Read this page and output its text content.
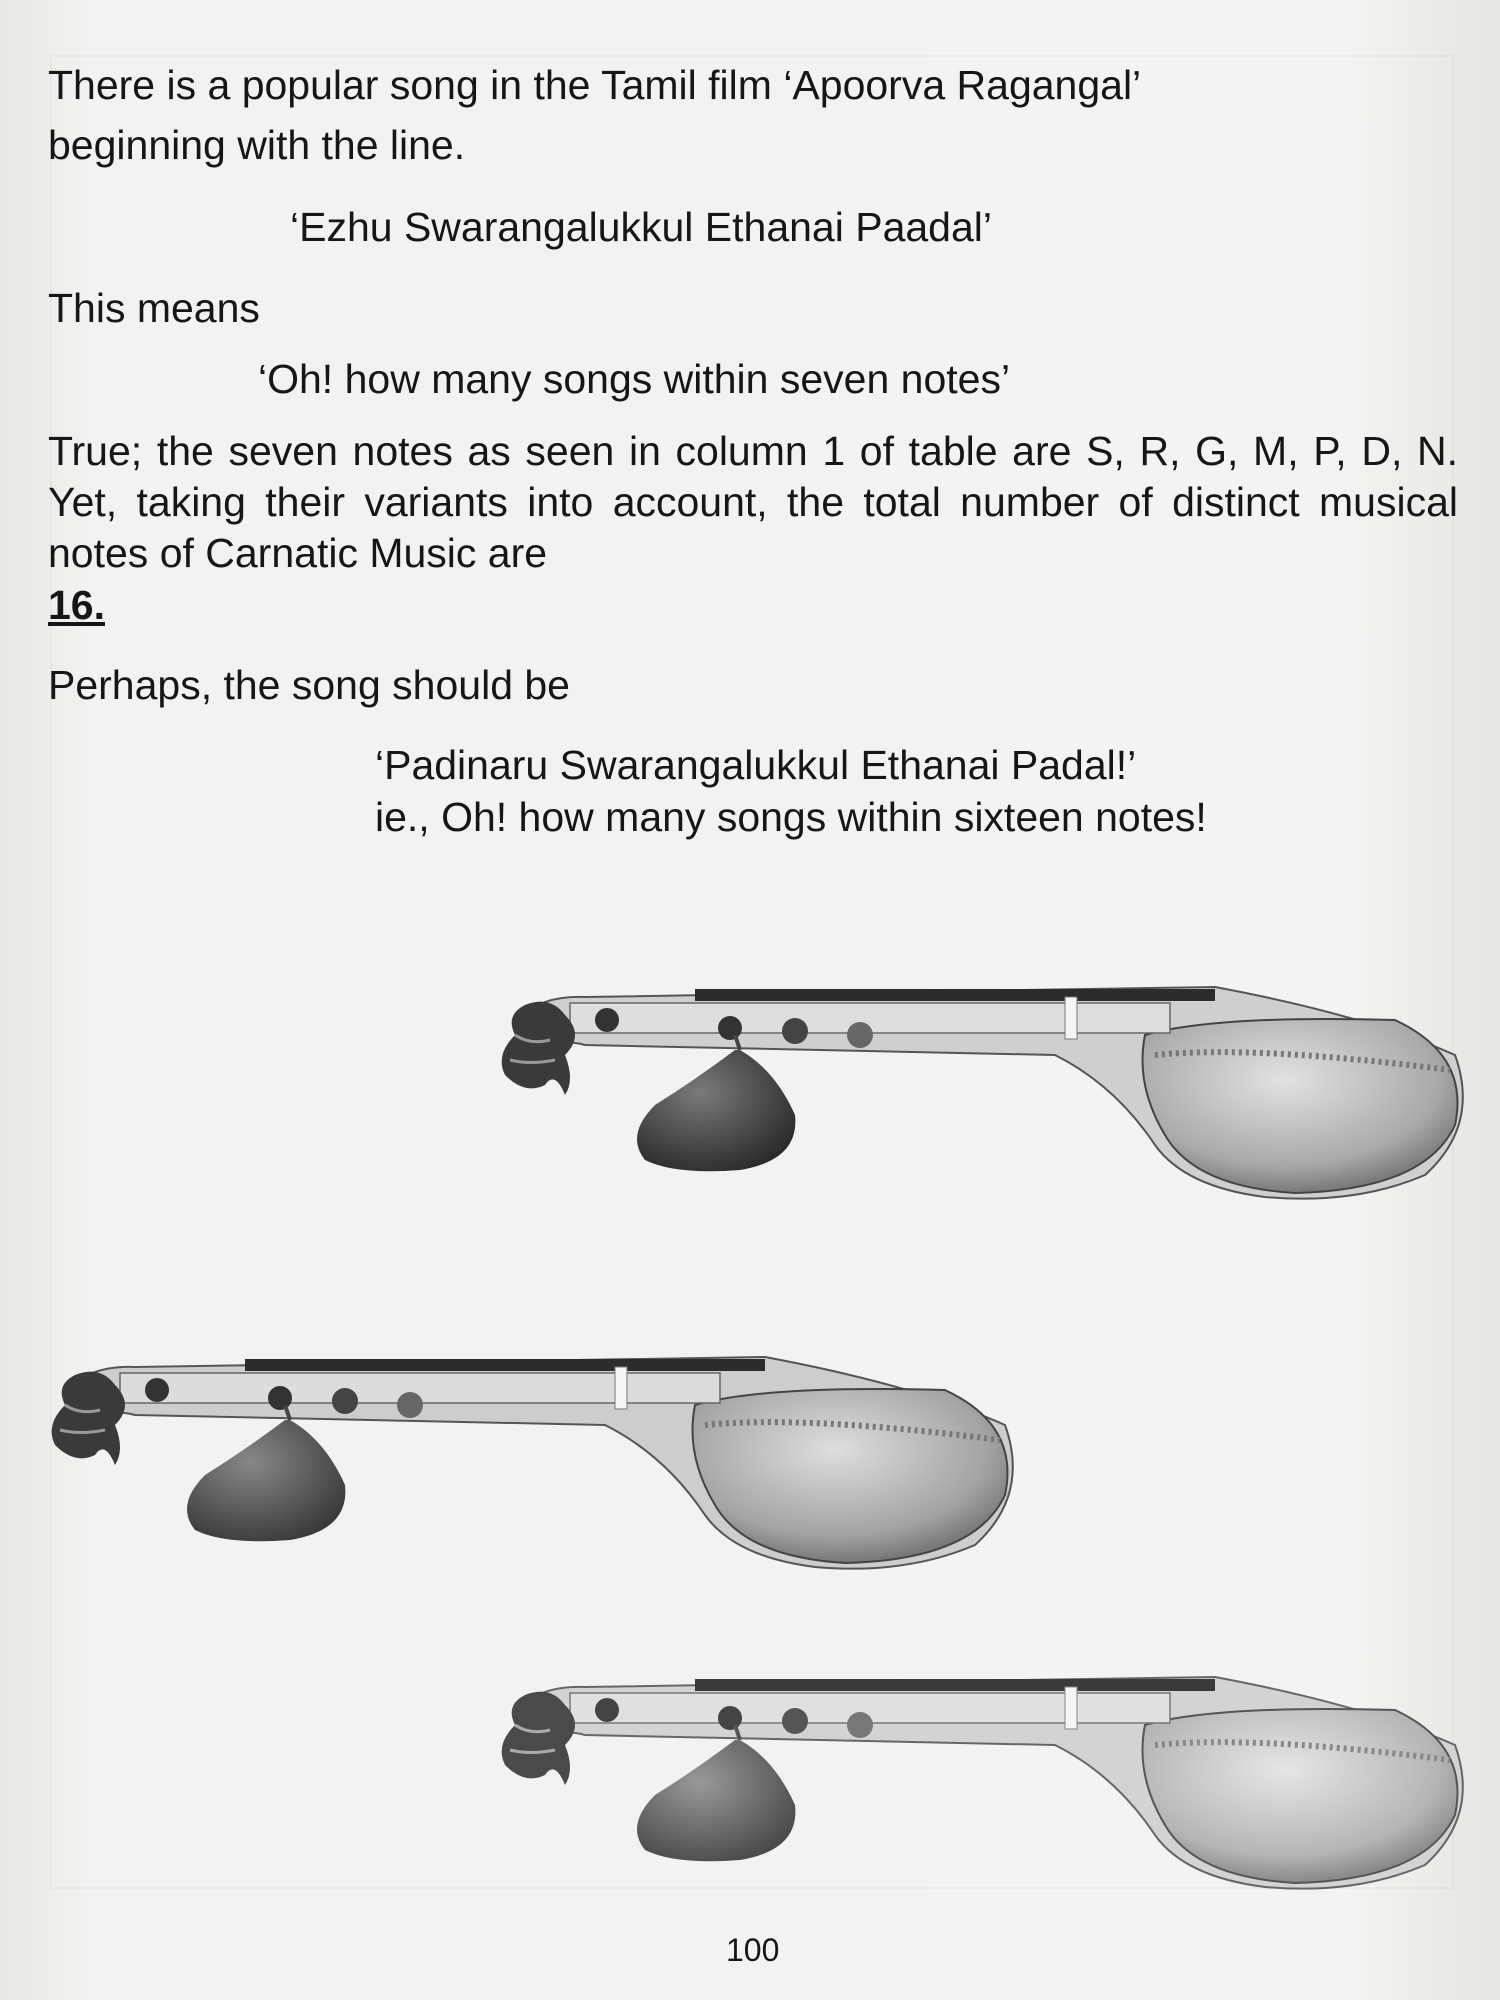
There is a popular song in the Tamil film ‘Apoorva Ragangal’

beginning with the line.

‘Ezhu Swarangalukkul Ethanai Paadal’

This means

‘Oh! how many songs within seven notes’

True; the seven notes as seen in column 1 of table are S, R, G, M, P, D, N. Yet, taking their variants into account, the total number of distinct musical notes of Carnatic Music are

16.

Perhaps, the song should be

‘Padinaru Swarangalukkul Ethanai Padal!’

ie., Oh! how many songs within sixteen notes!

100
